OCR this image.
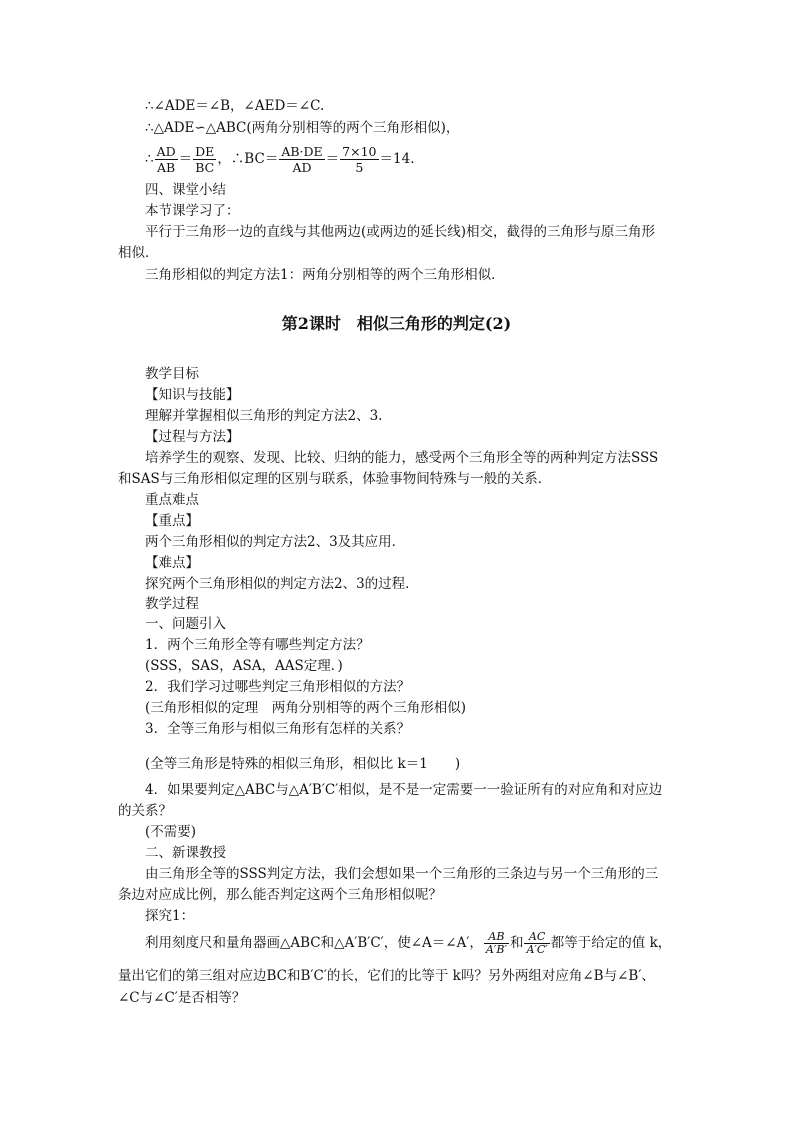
∴∠ADE＝∠B，∠AED＝∠C.
∴△ADE∽△ABC(两角分别相等的两个三角形相似)，
∴ $\frac{AD}{AB} = \frac{DE}{BC}$ ，∴BC＝ $\frac{AB\cdot DE}{AD} = \frac{7\times 10}{5} =14$.
四、课堂小结
本节课学习了：
平行于三角形一边的直线与其他两边(或两边的延长线)相交，截得的三角形与原三角形
相似．
三角形相似的判定方法1：两角分别相等的两个三角形相似．
第2课时　相似三角形的判定(2)
教学目标
【知识与技能】
理解并掌握相似三角形的判定方法2、3.
【过程与方法】
培养学生的观察、发现、比较、归纳的能力，感受两个三角形全等的两种判定方法SSS
和SAS与三角形相似定理的区别与联系，体验事物间特殊与一般的关系．
重点难点
【重点】
两个三角形相似的判定方法2、3及其应用．
【难点】
探究两个三角形相似的判定方法2、3的过程．
教学过程
一、问题引入
1．两个三角形全等有哪些判定方法？
(SSS，SAS，ASA，AAS定理．)
2．我们学习过哪些判定三角形相似的方法？
(三角形相似的定理　两角分别相等的两个三角形相似)
3．全等三角形与相似三角形有怎样的关系？
(全等三角形是特殊的相似三角形，相似比 k＝1　　)
4．如果要判定△ABC与△A′B′C′相似，是不是一定需要一一验证所有的对应角和对应边
的关系？
(不需要)
二、新课教授
由三角形全等的SSS判定方法，我们会想如果一个三角形的三条边与另一个三角形的三
条边对应成比例，那么能否判定这两个三角形相似呢？
探究1：
利用刻度尺和量角器画△ABC和△A′B′C′，使∠A＝∠A′， $\frac{AB}{A'B'}$ 和 $\frac{AC}{A'C'}$ 都等于给定的值 k，
量出它们的第三组对应边BC和B′C′的长，它们的比等于 k吗？另外两组对应角∠B与∠B′、
∠C与∠C′是否相等？
